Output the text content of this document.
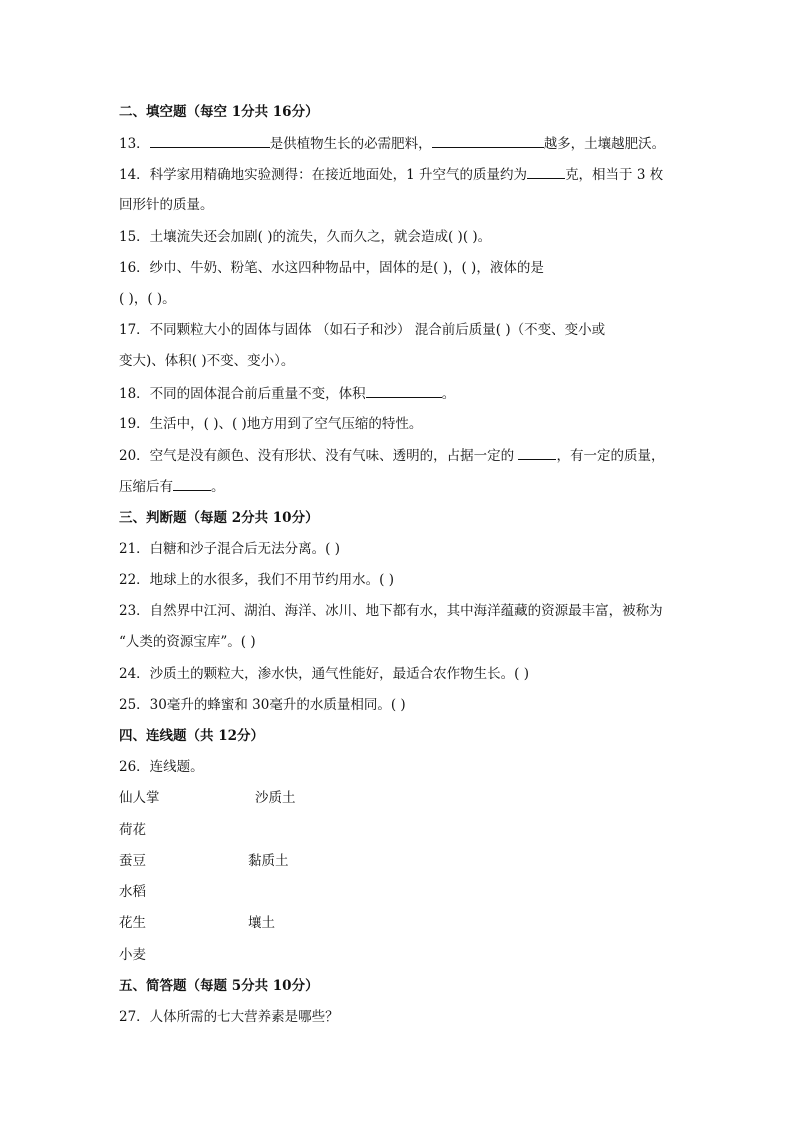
二、填空题（每空 1分共 16分）
13．	是供植物生长的必需肥料，	越多，土壤越肥沃。
14．科学家用精确地实验测得：在接近地面处，1 升空气的质量约为	克，相当于 3 枚
回形针的质量。
15．土壤流失还会加剧( )的流失，久而久之，就会造成( )( )。
16．纱巾、牛奶、粉笔、水这四种物品中，固体的是( )，( )，液体的是
( )，( )。
17．不同颗粒大小的固体与固体 （如石子和沙） 混合前后质量( )（不变、变小或
变大)、体积( )不变、变小）。
18．不同的固体混合前后重量不变，体积	。
19．生活中，( )、( )地方用到了空气压缩的特性。
20．空气是没有颜色、没有形状、没有气味、透明的，占据一定的	，有一定的质量，
压缩后有	。
三、判断题（每题 2分共 10分）
21．白糖和沙子混合后无法分离。( )
22．地球上的水很多，我们不用节约用水。( )
23．自然界中江河、湖泊、海洋、冰川、地下都有水，其中海洋蕴藏的资源最丰富，被称为
“人类的资源宝库”。( )
24．沙质土的颗粒大，渗水快，通气性能好，最适合农作物生长。( )
25．30毫升的蜂蜜和 30毫升的水质量相同。( )
四、连线题（共 12分）
26．连线题。
仙人掌	沙质土
荷花
蚕豆	黏质土
水稻
花生	壤土
小麦
五、简答题（每题 5分共 10分）
27．人体所需的七大营养素是哪些？
